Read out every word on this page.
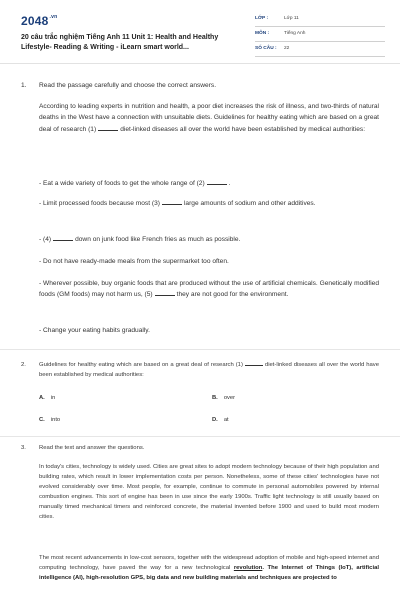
$2048^{.vn}$
20 câu trắc nghiệm Tiếng Anh 11 Unit 1: Health and Healthy Lifestyle- Reading & Writing - iLearn smart world...
LỚP :	Lớp 11
MÔN :	Tiếng Anh
SỐ CÂU : 22
1. Read the passage carefully and choose the correct answers.
According to leading experts in nutrition and health, a poor diet increases the risk of illness, and two-thirds of natural deaths in the West have a connection with unsuitable diets. Guidelines for healthy eating which are based on a great deal of research (1)	diet-linked diseases all over the world have been established by medical authorities:
- Eat a wide variety of foods to get the whole range of (2)	.
- Limit processed foods because most (3)	large amounts of sodium and other additives.
- (4)	down on junk food like French fries as much as possible.
- Do not have ready-made meals from the supermarket too often.
- Wherever possible, buy organic foods that are produced without the use of artificial chemicals. Genetically modified foods (GM foods) may not harm us, (5)	they are not good for the environment.
- Change your eating habits gradually.
2. Guidelines for healthy eating which are based on a great deal of research (1)	diet-linked diseases all over the world have been established by medical authorities:
A. in	B. over
C. into	D. at
3. Read the text and answer the questions.
In today's cities, technology is widely used. Cities are great sites to adopt modern technology because of their high population and building rates, which result in lower implementation costs per person. Nonetheless, some of these cities' technologies have not evolved considerably over time. Most people, for example, continue to commute in personal automobiles powered by internal combustion engines. This sort of engine has been in use since the early 1900s. Traffic light technology is still usually based on manually timed mechanical timers and reinforced concrete, the material invented before 1900 and used to build most modern cities.
The most recent advancements in low-cost sensors, together with the widespread adoption of mobile and high-speed internet and computing technology, have paved the way for a new technological revolution. The Internet of Things (IoT), artificial intelligence (AI), high-resolution GPS, big data and new building materials and techniques are projected to
